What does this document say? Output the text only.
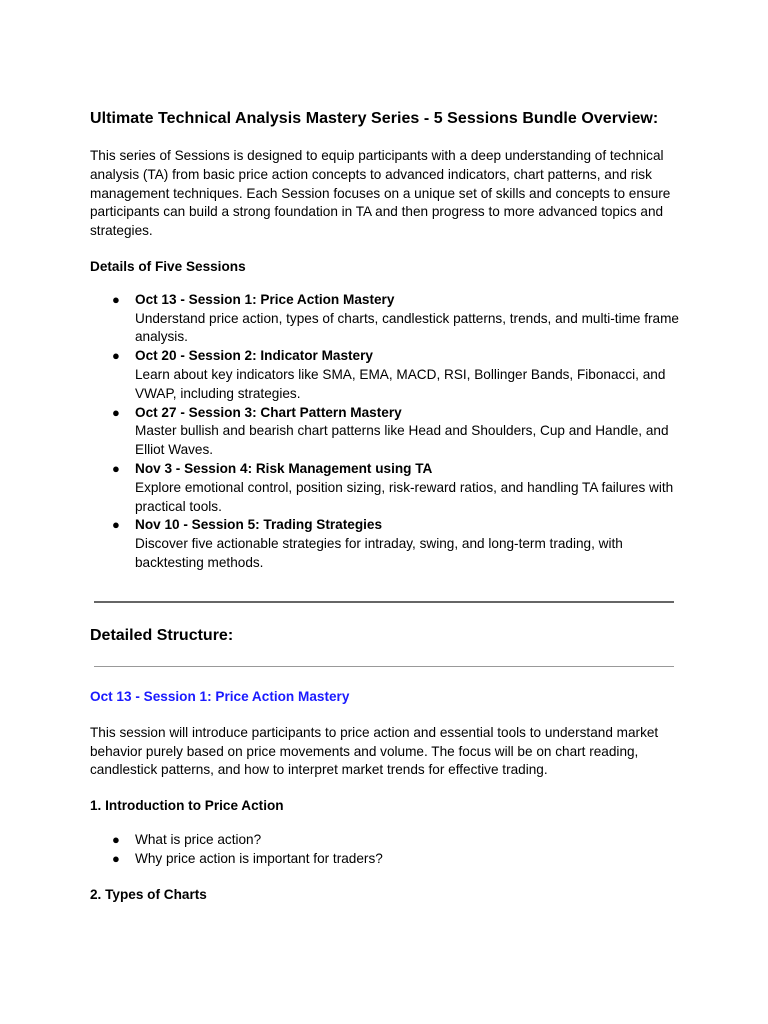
Ultimate Technical Analysis Mastery Series - 5 Sessions Bundle Overview:

This series of Sessions is designed to equip participants with a deep understanding of technical analysis (TA) from basic price action concepts to advanced indicators, chart patterns, and risk management techniques. Each Session focuses on a unique set of skills and concepts to ensure participants can build a strong foundation in TA and then progress to more advanced topics and strategies.

Details of Five Sessions
● Oct 13 - Session 1: Price Action Mastery
Understand price action, types of charts, candlestick patterns, trends, and multi-time frame analysis.
● Oct 20 - Session 2: Indicator Mastery
Learn about key indicators like SMA, EMA, MACD, RSI, Bollinger Bands, Fibonacci, and VWAP, including strategies.
● Oct 27 - Session 3: Chart Pattern Mastery
Master bullish and bearish chart patterns like Head and Shoulders, Cup and Handle, and Elliot Waves.
● Nov 3 - Session 4: Risk Management using TA
Explore emotional control, position sizing, risk-reward ratios, and handling TA failures with practical tools.
● Nov 10 - Session 5: Trading Strategies
Discover five actionable strategies for intraday, swing, and long-term trading, with backtesting methods.
Detailed Structure:
Oct 13 - Session 1: Price Action Mastery

This session will introduce participants to price action and essential tools to understand market behavior purely based on price movements and volume. The focus will be on chart reading, candlestick patterns, and how to interpret market trends for effective trading.

1. Introduction to Price Action
● What is price action?
● Why price action is important for traders?
2. Types of Charts
